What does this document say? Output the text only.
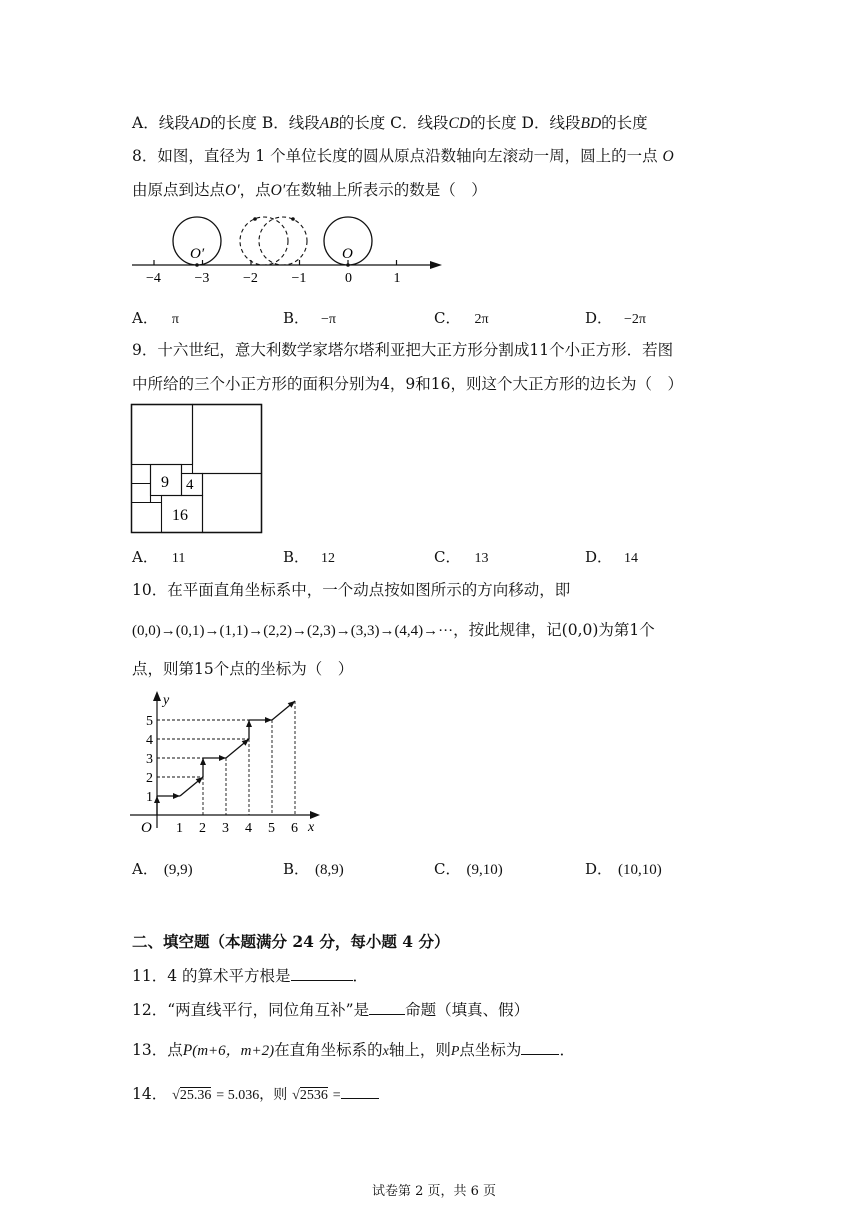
A．线段AD的长度 B．线段AB的长度 C．线段CD的长度 D．线段BD的长度
8．如图，直径为 1 个单位长度的圆从原点沿数轴向左滚动一周，圆上的一点 O
由原点到达点O′，点O′在数轴上所表示的数是（　）
O′	O
−4 −3 −2 −1	0	1
A． π	B． −π	C． 2π	D． −2π
9．十六世纪，意大利数学家塔尔塔利亚把大正方形分割成11个小正方形．若图
中所给的三个小正方形的面积分别为4，9和16，则这个大正方形的边长为（　）
9 4
16
A． 11	B． 12	C． 13	D． 14
10．在平面直角坐标系中，一个动点按如图所示的方向移动，即
(0,0)→(0,1)→(1,1)→(2,2)→(2,3)→(3,3)→(4,4)→···，按此规律，记(0,0)为第1个
点，则第15个点的坐标为（　）
y
x
O 1 2 3 4 5 6
1
2
3
4
5
A． (9,9)	B． (8,9)	C． (9,10)	D． (10,10)
二、填空题（本题满分 24 分，每小题 4 分）
11．4 的算术平方根是	．
12．“两直线平行，同位角互补”是 命题（填真、假）
13．点P(m+6，m+2)在直角坐标系的x轴上，则P点坐标为 ．
14． √25.36 = 5.036，则 √2536 =
试卷第 2 页，共 6 页
